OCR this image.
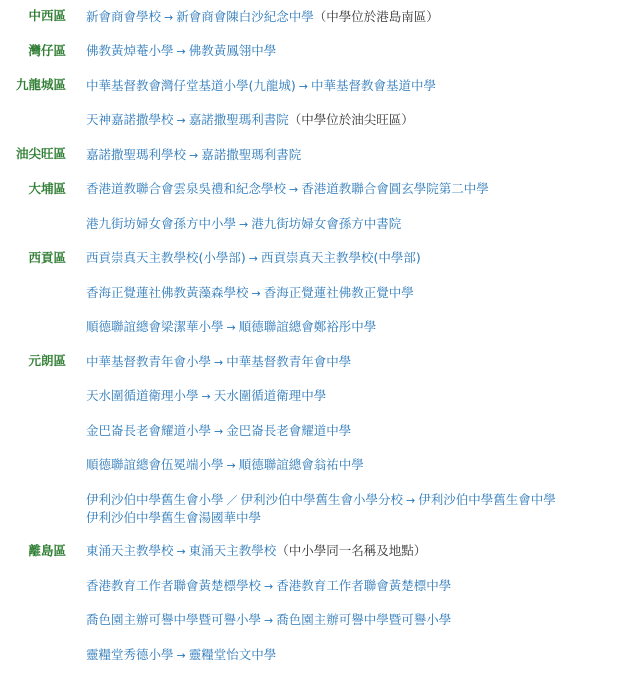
中西區 新會商會學校 → 新會商會陳白沙紀念中學（中學位於港島南區）
灣仔區 佛教黃焯菴小學 → 佛教黃鳳翎中學
九龍城區 中華基督教會灣仔堂基道小學(九龍城) → 中華基督教會基道中學
天神嘉諾撒學校 → 嘉諾撒聖瑪利書院（中學位於油尖旺區）
油尖旺區 嘉諾撒聖瑪利學校 → 嘉諾撒聖瑪利書院
大埔區 香港道教聯合會雲泉吳禮和紀念學校 → 香港道教聯合會圓玄學院第二中學
港九街坊婦女會孫方中小學 → 港九街坊婦女會孫方中書院
西貢區 西貢崇真天主教學校(小學部) → 西貢崇真天主教學校(中學部)
香海正覺蓮社佛教黃藻森學校 → 香海正覺蓮社佛教正覺中學
順德聯誼總會梁潔華小學 → 順德聯誼總會鄭裕彤中學
元朗區 中華基督教青年會小學 → 中華基督教青年會中學
天水圍循道衛理小學 → 天水圍循道衛理中學
金巴崙長老會耀道小學 → 金巴崙長老會耀道中學
順德聯誼總會伍冕端小學 → 順德聯誼總會翁祐中學
伊利沙伯中學舊生會小學 ／ 伊利沙伯中學舊生會小學分校 → 伊利沙伯中學舊生會中學
伊利沙伯中學舊生會湯國華中學
離島區 東涌天主教學校 → 東涌天主教學校（中小學同一名稱及地點）
香港教育工作者聯會黃楚標學校 → 香港教育工作者聯會黃楚標中學
喬色園主辦可譽中學暨可譽小學 → 喬色園主辦可譽中學暨可譽小學
靈糧堂秀德小學 → 靈糧堂怡文中學
